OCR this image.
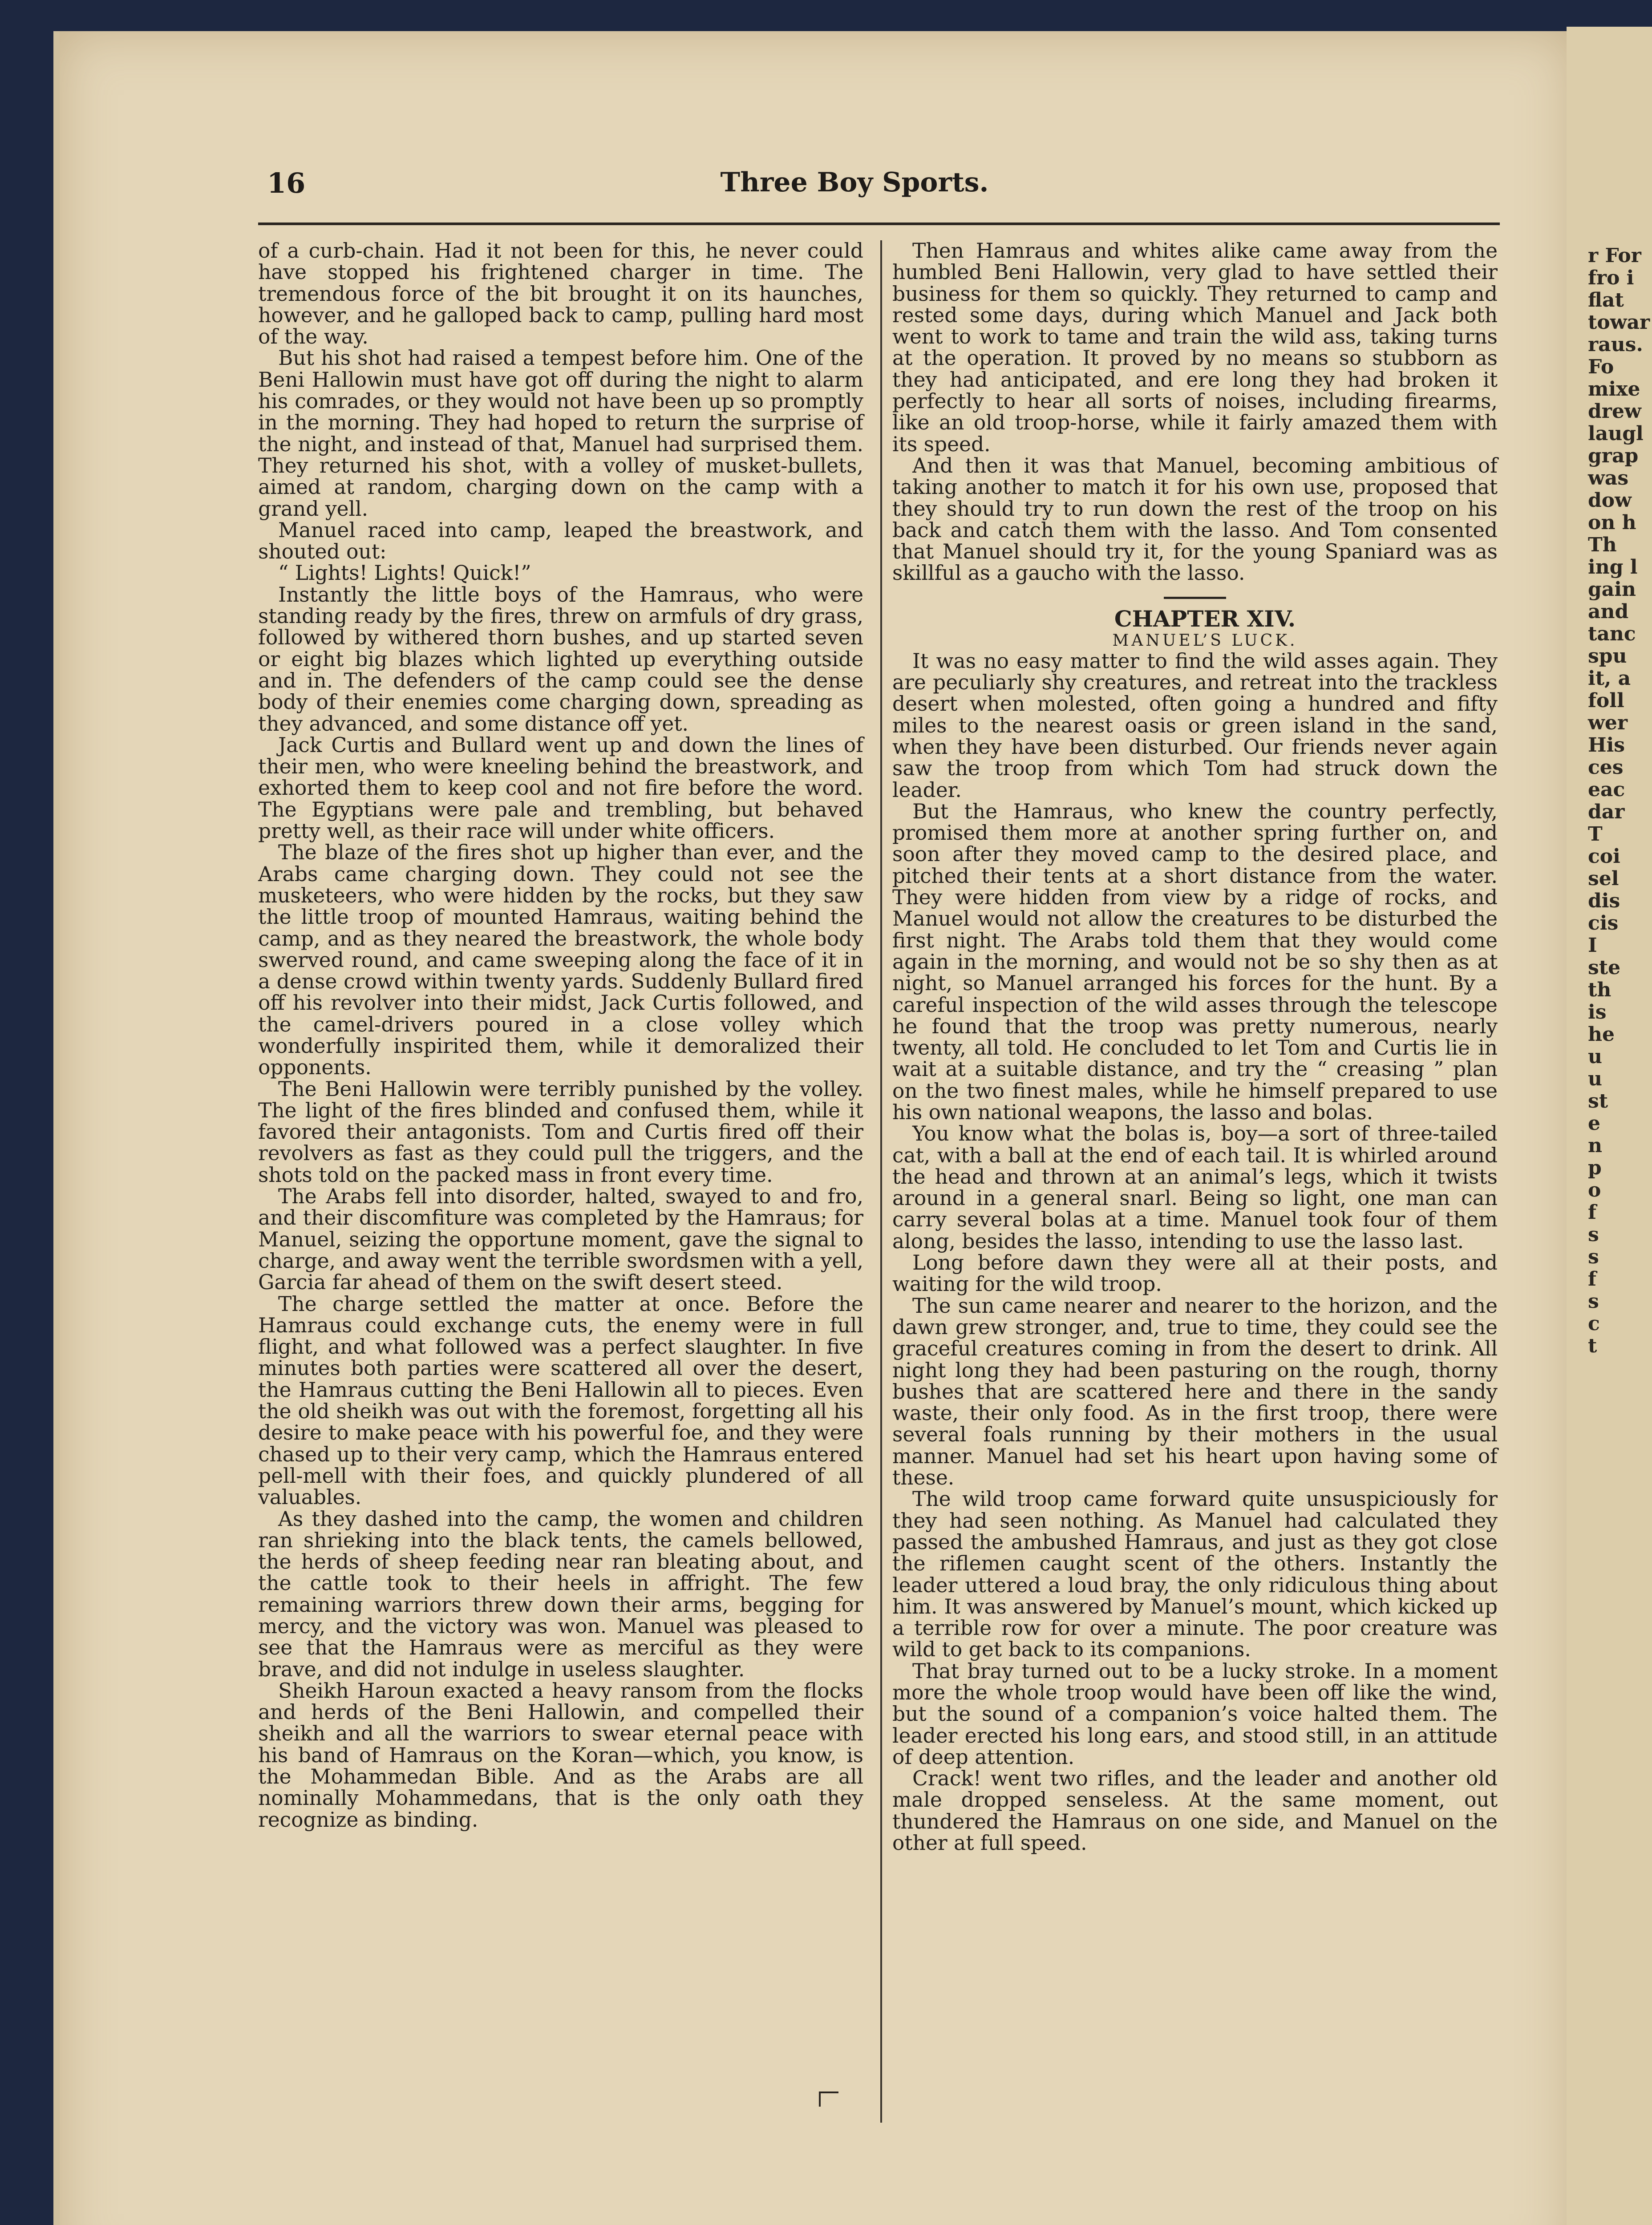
r For
fro i
flat
towar
raus.
Fo
mixe
drew
laugl
grap
was
dow
on h
Th
ing l
gain
and
tanc
spu
it, a
foll
wer
His
ces
eac
dar
T
coi
sel
dis
cis
I
ste
th
is
he
u
u
st
e
n
p
o
f
s
s
f
s
c
t
16	Three Boy Sports.

of a curb-chain. Had it not been for this, he never could have stopped his frightened charger in time. The tremendous force of the bit brought it on its haunches, however, and he galloped back to camp, pulling hard most of the way.

But his shot had raised a tempest before him. One of the Beni Hallowin must have got off during the night to alarm his comrades, or they would not have been up so promptly in the morning. They had hoped to return the surprise of the night, and instead of that, Manuel had surprised them. They returned his shot, with a volley of musket-bullets, aimed at random, charging down on the camp with a grand yell.

Manuel raced into camp, leaped the breastwork, and shouted out:

“ Lights! Lights! Quick!”

Instantly the little boys of the Hamraus, who were standing ready by the fires, threw on armfuls of dry grass, followed by withered thorn bushes, and up started seven or eight big blazes which lighted up everything outside and in. The defenders of the camp could see the dense body of their enemies come charging down, spreading as they advanced, and some distance off yet.

Jack Curtis and Bullard went up and down the lines of their men, who were kneeling behind the breastwork, and exhorted them to keep cool and not fire before the word. The Egyptians were pale and trembling, but behaved pretty well, as their race will under white officers.

The blaze of the fires shot up higher than ever, and the Arabs came charging down. They could not see the musketeers, who were hidden by the rocks, but they saw the little troop of mounted Hamraus, waiting behind the camp, and as they neared the breastwork, the whole body swerved round, and came sweeping along the face of it in a dense crowd within twenty yards. Suddenly Bullard fired off his revolver into their midst, Jack Curtis followed, and the camel-drivers poured in a close volley which wonderfully inspirited them, while it demoralized their opponents.

The Beni Hallowin were terribly punished by the volley. The light of the fires blinded and confused them, while it favored their antagonists. Tom and Curtis fired off their revolvers as fast as they could pull the triggers, and the shots told on the packed mass in front every time.

The Arabs fell into disorder, halted, swayed to and fro, and their discomfiture was completed by the Hamraus; for Manuel, seizing the opportune moment, gave the signal to charge, and away went the terrible swordsmen with a yell, Garcia far ahead of them on the swift desert steed.

The charge settled the matter at once. Before the Hamraus could exchange cuts, the enemy were in full flight, and what followed was a perfect slaughter. In five minutes both parties were scattered all over the desert, the Hamraus cutting the Beni Hallowin all to pieces. Even the old sheikh was out with the foremost, forgetting all his desire to make peace with his powerful foe, and they were chased up to their very camp, which the Hamraus entered pell-mell with their foes, and quickly plundered of all valuables.

As they dashed into the camp, the women and children ran shrieking into the black tents, the camels bellowed, the herds of sheep feeding near ran bleating about, and the cattle took to their heels in affright. The few remaining warriors threw down their arms, begging for mercy, and the victory was won. Manuel was pleased to see that the Hamraus were as merciful as they were brave, and did not indulge in useless slaughter.

Sheikh Haroun exacted a heavy ransom from the flocks and herds of the Beni Hallowin, and compelled their sheikh and all the warriors to swear eternal peace with his band of Hamraus on the Koran—which, you know, is the Mohammedan Bible. And as the Arabs are all nominally Mohammedans, that is the only oath they recognize as binding.

Then Hamraus and whites alike came away from the humbled Beni Hallowin, very glad to have settled their business for them so quickly. They returned to camp and rested some days, during which Manuel and Jack both went to work to tame and train the wild ass, taking turns at the operation. It proved by no means so stubborn as they had anticipated, and ere long they had broken it perfectly to hear all sorts of noises, including firearms, like an old troop-horse, while it fairly amazed them with its speed.

And then it was that Manuel, becoming ambitious of taking another to match it for his own use, proposed that they should try to run down the rest of the troop on his back and catch them with the lasso. And Tom consented that Manuel should try it, for the young Spaniard was as skillful as a gaucho with the lasso.

CHAPTER XIV.

MANUEL’S LUCK.

It was no easy matter to find the wild asses again. They are peculiarly shy creatures, and retreat into the trackless desert when molested, often going a hundred and fifty miles to the nearest oasis or green island in the sand, when they have been disturbed. Our friends never again saw the troop from which Tom had struck down the leader.

But the Hamraus, who knew the country perfectly, promised them more at another spring further on, and soon after they moved camp to the desired place, and pitched their tents at a short distance from the water. They were hidden from view by a ridge of rocks, and Manuel would not allow the creatures to be disturbed the first night. The Arabs told them that they would come again in the morning, and would not be so shy then as at night, so Manuel arranged his forces for the hunt. By a careful inspection of the wild asses through the telescope he found that the troop was pretty numerous, nearly twenty, all told. He concluded to let Tom and Curtis lie in wait at a suitable distance, and try the “ creasing ” plan on the two finest males, while he himself prepared to use his own national weapons, the lasso and bolas.

You know what the bolas is, boy—a sort of three-tailed cat, with a ball at the end of each tail. It is whirled around the head and thrown at an animal’s legs, which it twists around in a general snarl. Being so light, one man can carry several bolas at a time. Manuel took four of them along, besides the lasso, intending to use the lasso last.

Long before dawn they were all at their posts, and waiting for the wild troop.

The sun came nearer and nearer to the horizon, and the dawn grew stronger, and, true to time, they could see the graceful creatures coming in from the desert to drink. All night long they had been pasturing on the rough, thorny bushes that are scattered here and there in the sandy waste, their only food. As in the first troop, there were several foals running by their mothers in the usual manner. Manuel had set his heart upon having some of these.

The wild troop came forward quite unsuspiciously for they had seen nothing. As Manuel had calculated they passed the ambushed Hamraus, and just as they got close the riflemen caught scent of the others. Instantly the leader uttered a loud bray, the only ridiculous thing about him. It was answered by Manuel’s mount, which kicked up a terrible row for over a minute. The poor creature was wild to get back to its companions.

That bray turned out to be a lucky stroke. In a moment more the whole troop would have been off like the wind, but the sound of a companion’s voice halted them. The leader erected his long ears, and stood still, in an attitude of deep attention.

Crack! went two rifles, and the leader and another old male dropped senseless. At the same moment, out thundered the Hamraus on one side, and Manuel on the other at full speed.
